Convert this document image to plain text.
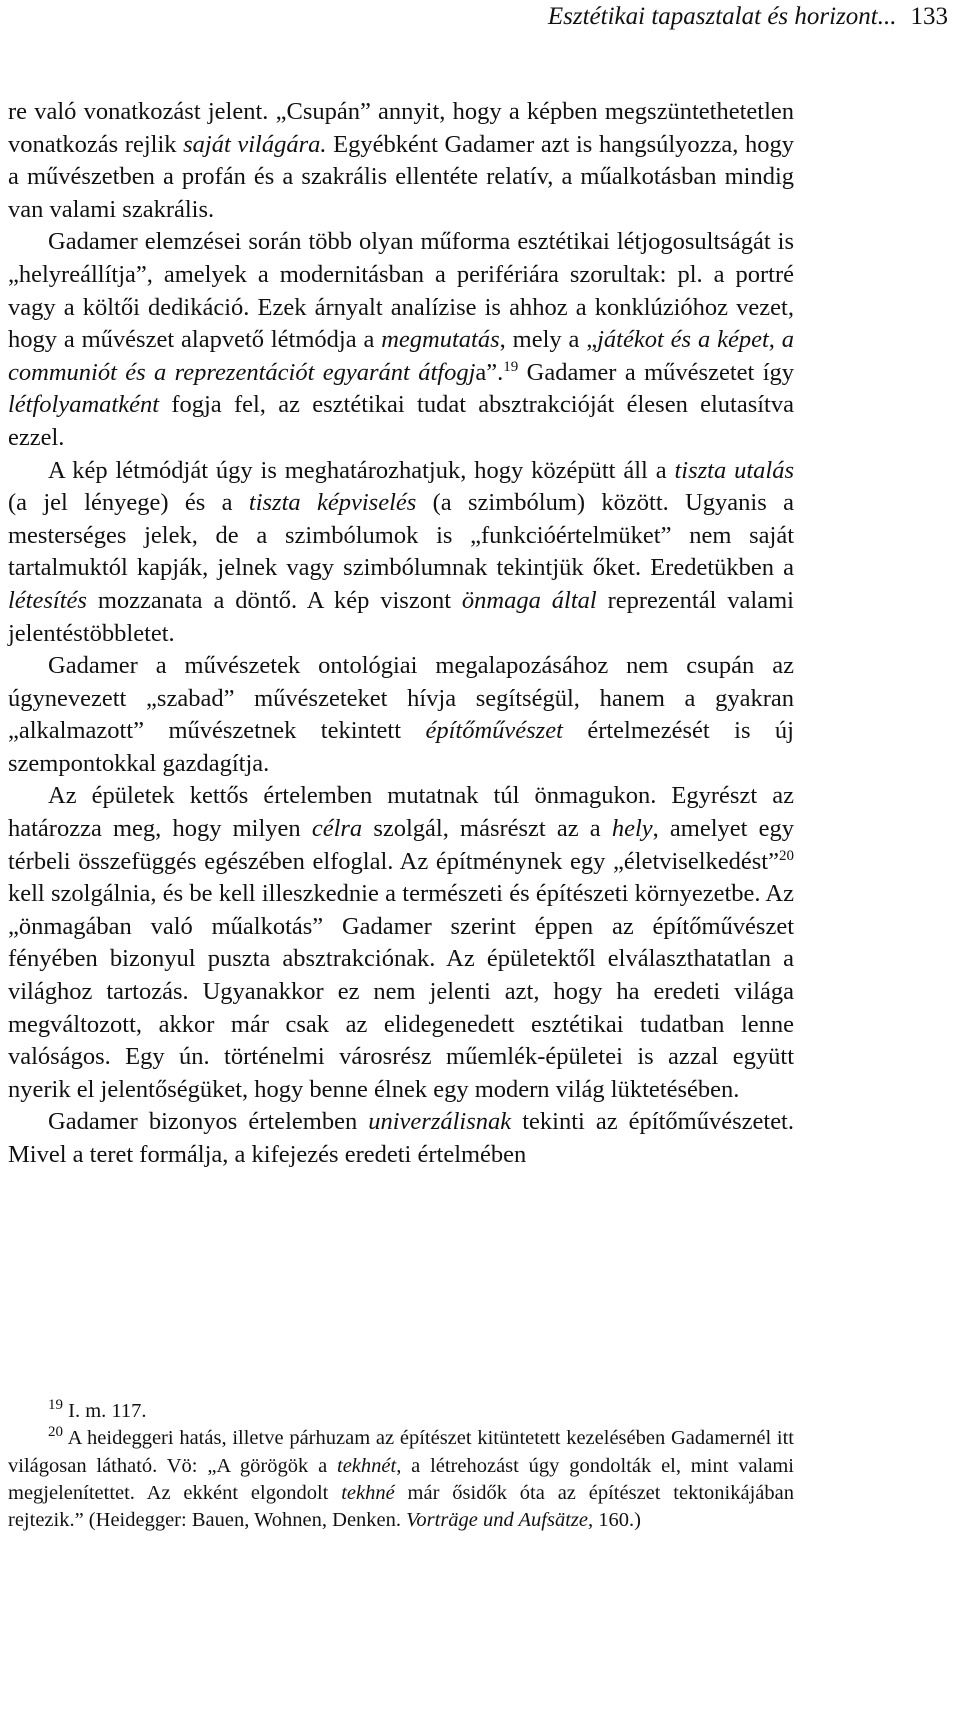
Esztétikai tapasztalat és horizont... 133

re való vonatkozást jelent. „Csupán” annyit, hogy a képben megszüntethetetlen vonatkozás rejlik saját világára. Egyébként Gadamer azt is hangsúlyozza, hogy a művészetben a profán és a szakrális ellentéte relatív, a műalkotásban mindig van valami szakrális.

Gadamer elemzései során több olyan műforma esztétikai létjogosultságát is „helyreállítja”, amelyek a modernitásban a perifériára szorultak: pl. a portré vagy a költői dedikáció. Ezek árnyalt analízise is ahhoz a konklúzióhoz vezet, hogy a művészet alapvető létmódja a megmutatás, mely a „játékot és a képet, a communiót és a reprezentációt egyaránt átfogja”.$^{19}$ Gadamer a művészetet így létfolyamatként fogja fel, az esztétikai tudat absztrakcióját élesen elutasítva ezzel.

A kép létmódját úgy is meghatározhatjuk, hogy középütt áll a tiszta utalás (a jel lényege) és a tiszta képviselés (a szimbólum) között. Ugyanis a mesterséges jelek, de a szimbólumok is „funkcióértelmüket” nem saját tartalmuktól kapják, jelnek vagy szimbólumnak tekintjük őket. Eredetükben a létesítés mozzanata a döntő. A kép viszont önmaga által reprezentál valami jelentéstöbbletet.

Gadamer a művészetek ontológiai megalapozásához nem csupán az úgynevezett „szabad” művészeteket hívja segítségül, hanem a gyakran „alkalmazott” művészetnek tekintett építőművészet értelmezését is új szempontokkal gazdagítja.

Az épületek kettős értelemben mutatnak túl önmagukon. Egyrészt az határozza meg, hogy milyen célra szolgál, másrészt az a hely, amelyet egy térbeli összefüggés egészében elfoglal. Az építménynek egy „életviselkedést”$^{20}$ kell szolgálnia, és be kell illeszkednie a természeti és építészeti környezetbe. Az „önmagában való műalkotás” Gadamer szerint éppen az építőművészet fényében bizonyul puszta absztrakciónak. Az épületektől elválaszthatatlan a világhoz tartozás. Ugyanakkor ez nem jelenti azt, hogy ha eredeti világa megváltozott, akkor már csak az elidegenedett esztétikai tudatban lenne valóságos. Egy ún. történelmi városrész műemlék-épületei is azzal együtt nyerik el jelentőségüket, hogy benne élnek egy modern világ lüktetésében.

Gadamer bizonyos értelemben univerzálisnak tekinti az építőművészetet. Mivel a teret formálja, a kifejezés eredeti értelmében

$^{19}$ I. m. 117.

$^{20}$ A heideggeri hatás, illetve párhuzam az építészet kitüntetett kezelésében Gadamernél itt világosan látható. Vö: „A görögök a tekhnét, a létrehozást úgy gondolták el, mint valami megjelenítettet. Az ekként elgondolt tekhné már ősidők óta az építészet tektonikájában rejtezik.” (Heidegger: Bauen, Wohnen, Denken. Vorträge und Aufsätze, 160.)
